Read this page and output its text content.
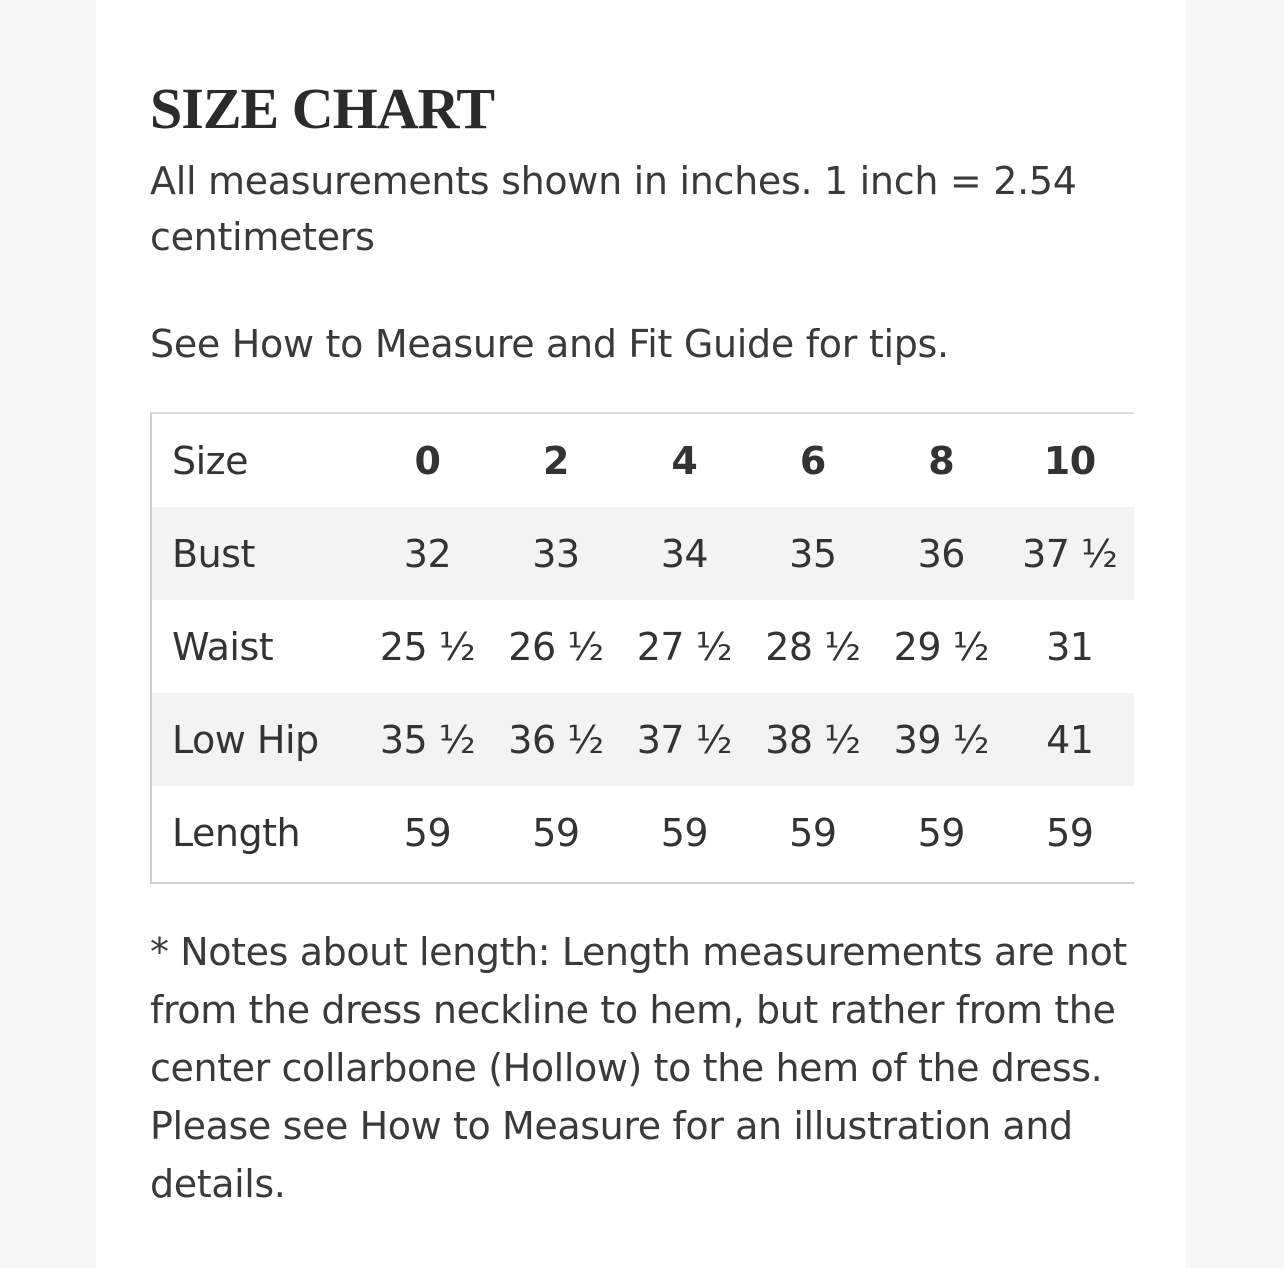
SIZE CHART

All measurements shown in inches. 1 inch = 2.54 centimeters

See How to Measure and Fit Guide for tips.

Size	0	2	4	6	8	10
Bust	32	33	34	35	36	37 ½
Waist	25 ½	26 ½	27 ½	28 ½	29 ½	31
Low Hip	35 ½	36 ½	37 ½	38 ½	39 ½	41
Length	59	59	59	59	59	59

* Notes about length: Length measurements are not from the dress neckline to hem, but rather from the center collarbone (Hollow) to the hem of the dress. Please see How to Measure for an illustration and details.
